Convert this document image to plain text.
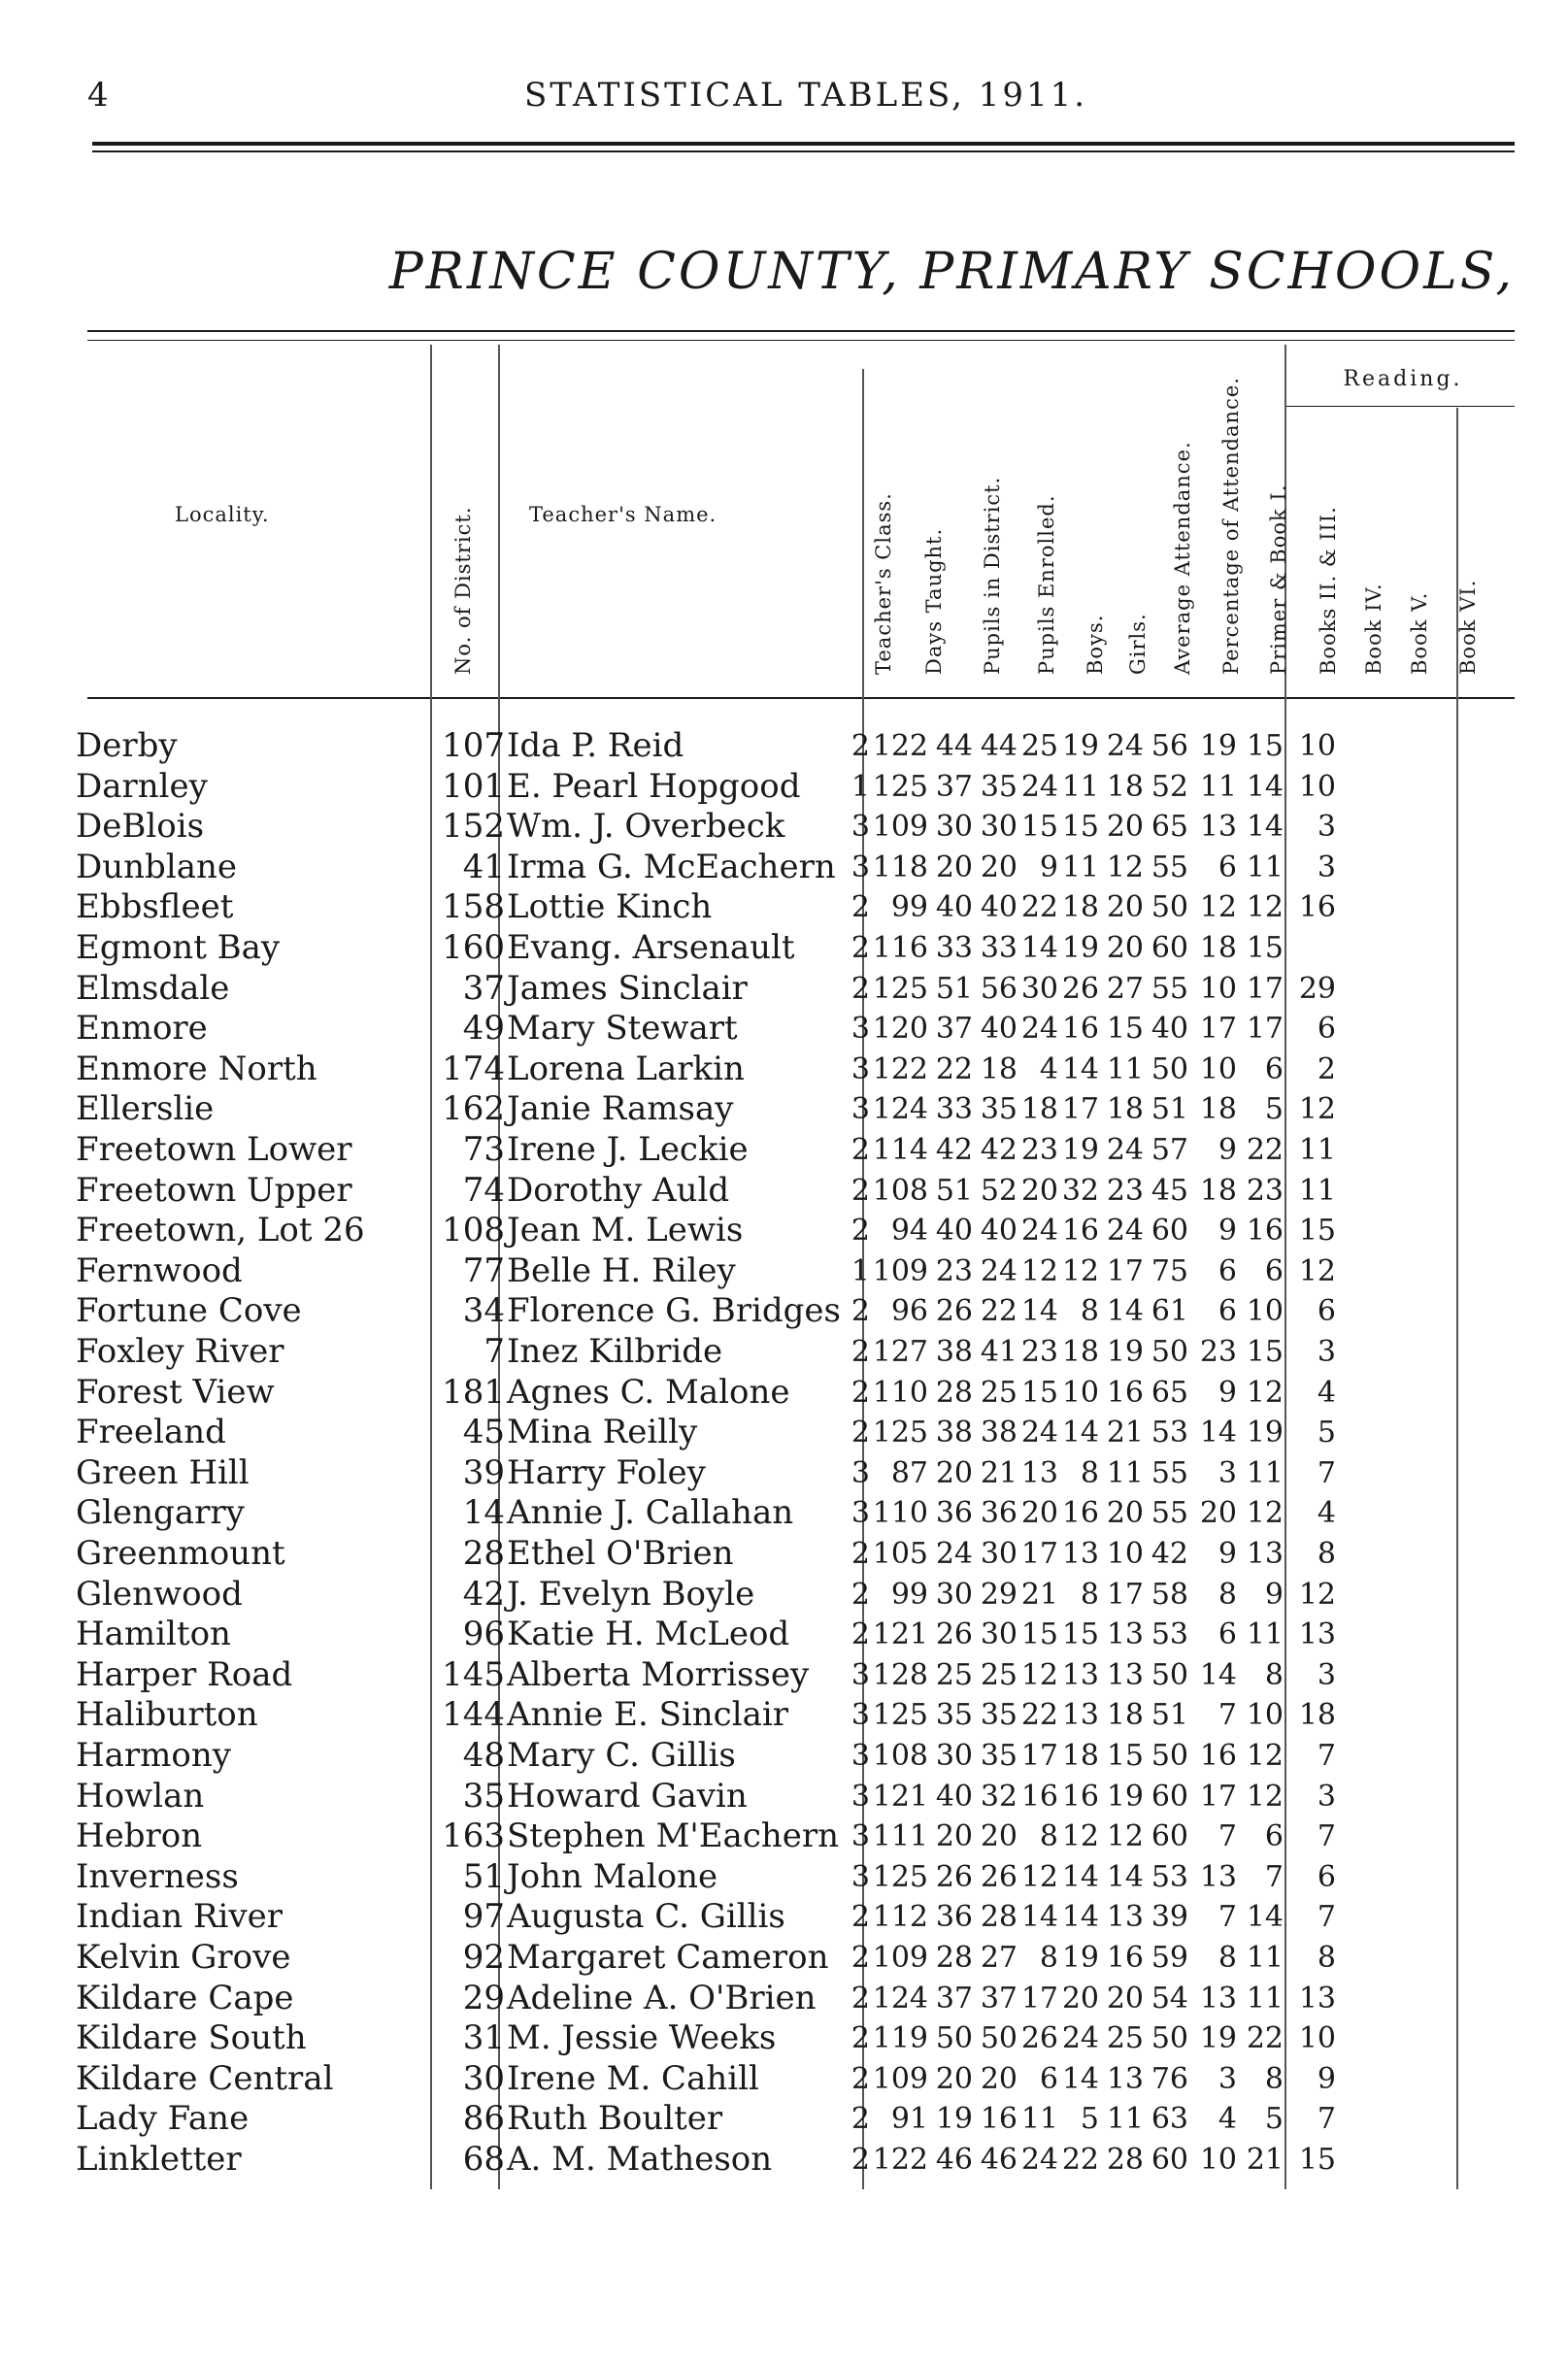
4	STATISTICAL TABLES, 1911.
PRINCE COUNTY, PRIMARY SCHOOLS,
Locality.	Teacher's Name.
Reading.
No. of District.	Teacher's Class. Days Taught. Pupils in District. Pupils Enrolled. Boys. Girls. Average Attendance. Percentage of Attendance. Primer & Book I. Books II. & III. Book IV. Book V. Book VI.
Derby	107 Ida P. Reid	2 122 44 44 25 19 24 56 19 15 10
Darnley	101 E. Pearl Hopgood 1 125 37 35 24 11 18 52 11 14 10
DeBlois	152 Wm. J. Overbeck 3 109 30 30 15 15 20 65 13 14	3
Dunblane	41 Irma G. McEachern 3 118 20 20 9 11 12 55	6 11	3
Ebbsfleet	158 Lottie Kinch	2 99 40 40 22 18 20 50 12 12 16
Egmont Bay	160 Evang. Arsenault 2 116 33 33 14 19 20 60 18 15
Elmsdale	37 James Sinclair	2 125 51 56 30 26 27 55 10 17 29
Enmore	49 Mary Stewart	3 120 37 40 24 16 15 40 17 17	6
Enmore North	174 Lorena Larkin	3 122 22 18 4 14 11 50 10 6	2
Ellerslie	162 Janie Ramsay	3 124 33 35 18 17 18 51 18 5 12
Freetown Lower	73 Irene J. Leckie	2 114 42 42 23 19 24 57	9 22 11
Freetown Upper	74 Dorothy Auld	2 108 51 52 20 32 23 45 18 23 11
Freetown, Lot 26	108 Jean M. Lewis	2 94 40 40 24 16 24 60	9 16 15
Fernwood	77 Belle H. Riley	1 109 23 24 12 12 17 75	6 6 12
Fortune Cove	34 Florence G. Bridges 2 96 26 22 14 8 14 61	6 10	6
Foxley River	7 Inez Kilbride	2 127 38 41 23 18 19 50 23 15	3
Forest View	181 Agnes C. Malone 2 110 28 25 15 10 16 65	9 12	4
Freeland	45 Mina Reilly	2 125 38 38 24 14 21 53 14 19	5
Green Hill	39 Harry Foley	3 87 20 21 13 8 11 55	3 11	7
Glengarry	14 Annie J. Callahan 3 110 36 36 20 16 20 55 20 12	4
Greenmount	28 Ethel O'Brien	2 105 24 30 17 13 10 42	9 13	8
Glenwood	42 J. Evelyn Boyle	2 99 30 29 21 8 17 58	8 9 12
Hamilton	96 Katie H. McLeod 2 121 26 30 15 15 13 53	6 11 13
Harper Road	145 Alberta Morrissey 3 128 25 25 12 13 13 50 14 8	3
Haliburton	144 Annie E. Sinclair 3 125 35 35 22 13 18 51	7 10 18
Harmony	48 Mary C. Gillis	3 108 30 35 17 18 15 50 16 12	7
Howlan	35 Howard Gavin	3 121 40 32 16 16 19 60 17 12	3
Hebron	163 Stephen M'Eachern 3 111 20 20 8 12 12 60	7 6	7
Inverness	51 John Malone	3 125 26 26 12 14 14 53 13 7	6
Indian River	97 Augusta C. Gillis 2 112 36 28 14 14 13 39	7 14	7
Kelvin Grove	92 Margaret Cameron 2 109 28 27 8 19 16 59	8 11	8
Kildare Cape	29 Adeline A. O'Brien 2 124 37 37 17 20 20 54 13 11 13
Kildare South	31 M. Jessie Weeks	2 119 50 50 26 24 25 50 19 22 10
Kildare Central	30 Irene M. Cahill	2 109 20 20 6 14 13 76	3 8	9
Lady Fane	86 Ruth Boulter	2 91 19 16 11 5 11 63	4 5	7
Linkletter	68 A. M. Matheson	2 122 46 46 24 22 28 60 10 21 15
